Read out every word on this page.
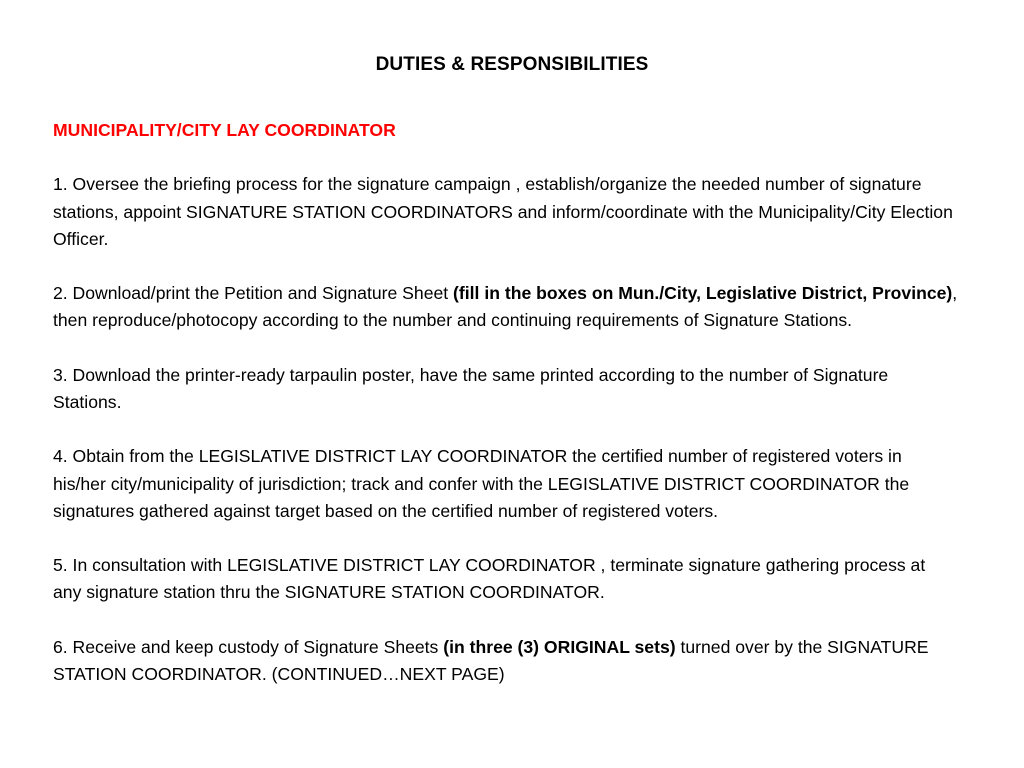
DUTIES & RESPONSIBILITIES

MUNICIPALITY/CITY LAY COORDINATOR

1. Oversee the briefing process for the signature campaign , establish/organize the needed number of signature stations, appoint SIGNATURE STATION COORDINATORS and inform/coordinate with the Municipality/City Election Officer.

2. Download/print the Petition and Signature Sheet (fill in the boxes on Mun./City, Legislative District, Province), then reproduce/photocopy according to the number and continuing requirements of Signature Stations.

3. Download the printer-ready tarpaulin poster, have the same printed according to the number of Signature Stations.

4. Obtain from the LEGISLATIVE DISTRICT LAY COORDINATOR the certified number of registered voters in his/her city/municipality of jurisdiction; track and confer with the LEGISLATIVE DISTRICT COORDINATOR the signatures gathered against target based on the certified number of registered voters.

5. In consultation with LEGISLATIVE DISTRICT LAY COORDINATOR , terminate signature gathering process at any signature station thru the SIGNATURE STATION COORDINATOR.

6. Receive and keep custody of Signature Sheets (in three (3) ORIGINAL sets) turned over by the SIGNATURE STATION COORDINATOR. (CONTINUED…NEXT PAGE)
